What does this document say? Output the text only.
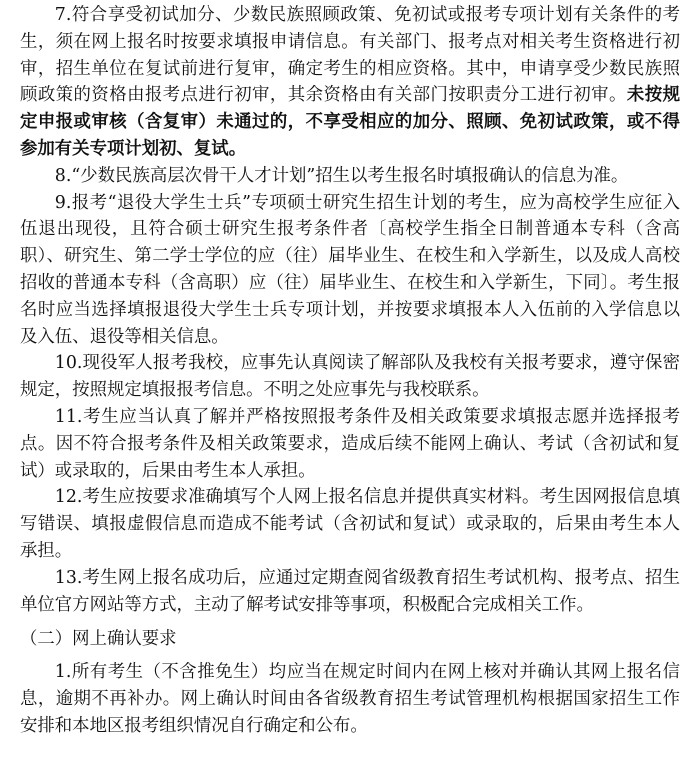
7.符合享受初试加分、少数民族照顾政策、免初试或报考专项计划有关条件的考生，须在网上报名时按要求填报申请信息。有关部门、报考点对相关考生资格进行初审，招生单位在复试前进行复审，确定考生的相应资格。其中，申请享受少数民族照顾政策的资格由报考点进行初审，其余资格由有关部门按职责分工进行初审。未按规定申报或审核（含复审）未通过的，不享受相应的加分、照顾、免初试政策，或不得参加有关专项计划初、复试。

8.“少数民族高层次骨干人才计划”招生以考生报名时填报确认的信息为准。

9.报考“退役大学生士兵”专项硕士研究生招生计划的考生，应为高校学生应征入伍退出现役，且符合硕士研究生报考条件者〔高校学生指全日制普通本专科（含高职）、研究生、第二学士学位的应（往）届毕业生、在校生和入学新生，以及成人高校招收的普通本专科（含高职）应（往）届毕业生、在校生和入学新生，下同〕。考生报名时应当选择填报退役大学生士兵专项计划，并按要求填报本人入伍前的入学信息以及入伍、退役等相关信息。

10.现役军人报考我校，应事先认真阅读了解部队及我校有关报考要求，遵守保密规定，按照规定填报报考信息。不明之处应事先与我校联系。

11.考生应当认真了解并严格按照报考条件及相关政策要求填报志愿并选择报考点。因不符合报考条件及相关政策要求，造成后续不能网上确认、考试（含初试和复试）或录取的，后果由考生本人承担。

12.考生应按要求准确填写个人网上报名信息并提供真实材料。考生因网报信息填写错误、填报虚假信息而造成不能考试（含初试和复试）或录取的，后果由考生本人承担。

13.考生网上报名成功后，应通过定期查阅省级教育招生考试机构、报考点、招生单位官方网站等方式，主动了解考试安排等事项，积极配合完成相关工作。

（二）网上确认要求

1.所有考生（不含推免生）均应当在规定时间内在网上核对并确认其网上报名信息，逾期不再补办。网上确认时间由各省级教育招生考试管理机构根据国家招生工作安排和本地区报考组织情况自行确定和公布。
